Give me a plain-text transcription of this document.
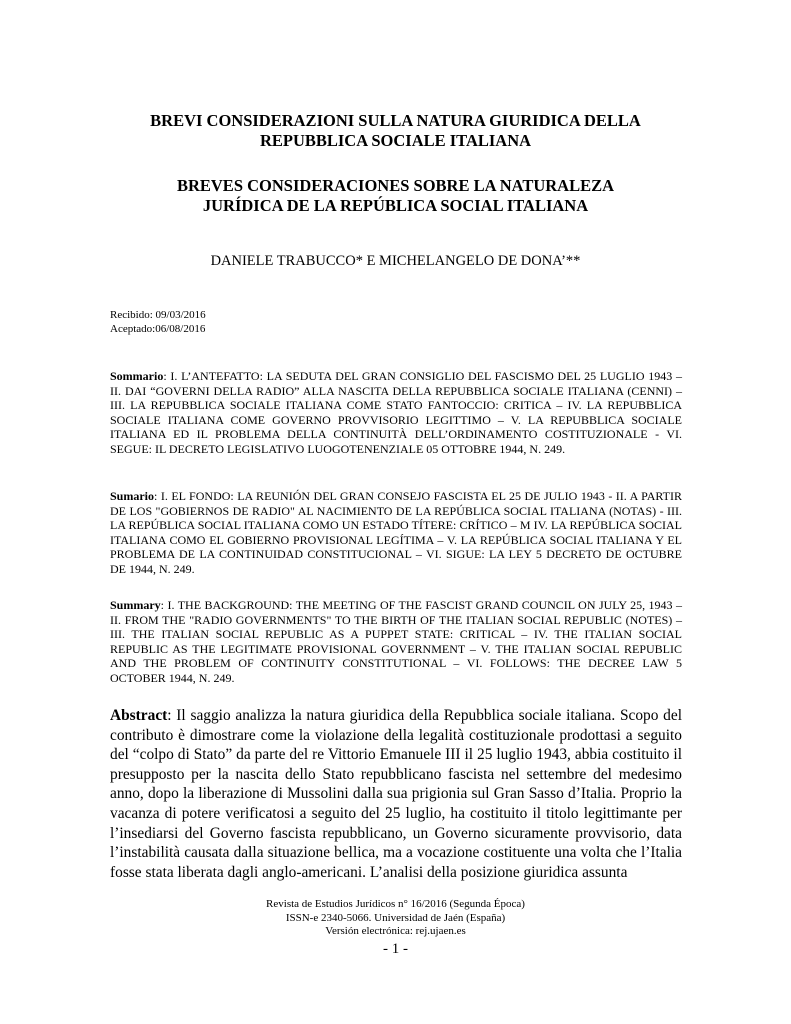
BREVI CONSIDERAZIONI SULLA NATURA GIURIDICA DELLA
REPUBBLICA SOCIALE ITALIANA
BREVES CONSIDERACIONES SOBRE LA NATURALEZA
JURÍDICA DE LA REPÚBLICA SOCIAL ITALIANA

DANIELE TRABUCCO* E MICHELANGELO DE DONA’**

Recibido: 09/03/2016
Aceptado:06/08/2016

Sommario: I. L’ANTEFATTO: LA SEDUTA DEL GRAN CONSIGLIO DEL FASCISMO DEL 25 LUGLIO 1943 – II. DAI “GOVERNI DELLA RADIO” ALLA NASCITA DELLA REPUBBLICA SOCIALE ITALIANA (CENNI) – III. LA REPUBBLICA SOCIALE ITALIANA COME STATO FANTOCCIO: CRITICA – IV. LA REPUBBLICA SOCIALE ITALIANA COME GOVERNO PROVVISORIO LEGITTIMO – V. LA REPUBBLICA SOCIALE ITALIANA ED IL PROBLEMA DELLA CONTINUITÀ DELL’ORDINAMENTO COSTITUZIONALE - VI. SEGUE: IL DECRETO LEGISLATIVO LUOGOTENENZIALE 05 OTTOBRE 1944, N. 249.

Sumario: I. EL FONDO: LA REUNIÓN DEL GRAN CONSEJO FASCISTA EL 25 DE JULIO 1943 - II. A PARTIR DE LOS "GOBIERNOS DE RADIO" AL NACIMIENTO DE LA REPÚBLICA SOCIAL ITALIANA (NOTAS) - III. LA REPÚBLICA SOCIAL ITALIANA COMO UN ESTADO TÍTERE: CRÍTICO – M IV. LA REPÚBLICA SOCIAL ITALIANA COMO EL GOBIERNO PROVISIONAL LEGÍTIMA – V. LA REPÚBLICA SOCIAL ITALIANA Y EL PROBLEMA DE LA CONTINUIDAD CONSTITUCIONAL – VI. SIGUE: LA LEY 5 DECRETO DE OCTUBRE DE 1944, N. 249.

Summary: I. THE BACKGROUND: THE MEETING OF THE FASCIST GRAND COUNCIL ON JULY 25, 1943 – II. FROM THE "RADIO GOVERNMENTS" TO THE BIRTH OF THE ITALIAN SOCIAL REPUBLIC (NOTES) – III. THE ITALIAN SOCIAL REPUBLIC AS A PUPPET STATE: CRITICAL – IV. THE ITALIAN SOCIAL REPUBLIC AS THE LEGITIMATE PROVISIONAL GOVERNMENT – V. THE ITALIAN SOCIAL REPUBLIC AND THE PROBLEM OF CONTINUITY CONSTITUTIONAL – VI. FOLLOWS: THE DECREE LAW 5 OCTOBER 1944, N. 249.

Abstract: Il saggio analizza la natura giuridica della Repubblica sociale italiana. Scopo del contributo è dimostrare come la violazione della legalità costituzionale prodottasi a seguito del “colpo di Stato” da parte del re Vittorio Emanuele III il 25 luglio 1943, abbia costituito il presupposto per la nascita dello Stato repubblicano fascista nel settembre del medesimo anno, dopo la liberazione di Mussolini dalla sua prigionia sul Gran Sasso d’Italia. Proprio la vacanza di potere verificatosi a seguito del 25 luglio, ha costituito il titolo legittimante per l’insediarsi del Governo fascista repubblicano, un Governo sicuramente provvisorio, data l’instabilità causata dalla situazione bellica, ma a vocazione costituente una volta che l’Italia fosse stata liberata dagli anglo-americani. L’analisi della posizione giuridica assunta

Revista de Estudios Jurídicos n° 16/2016 (Segunda Época)
ISSN-e 2340-5066. Universidad de Jaén (España)
Versión electrónica: rej.ujaen.es
- 1 -
